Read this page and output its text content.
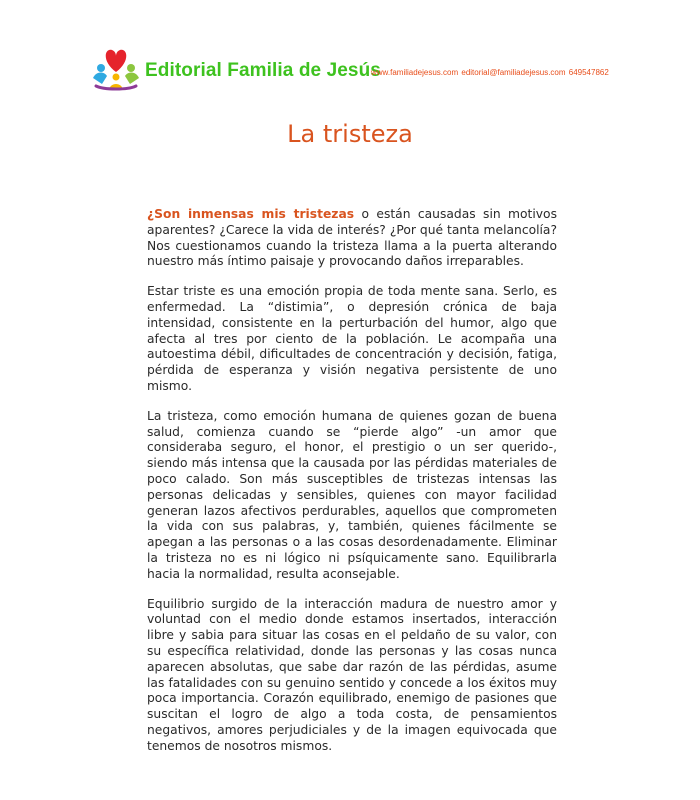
Editorial Familia de Jesús
www.familiadejesus.com editorial@familiadejesus.com 649547862
La tristeza

¿Son inmensas mis tristezas o están causadas sin motivos aparentes? ¿Carece la vida de interés? ¿Por qué tanta melancolía? Nos cuestionamos cuando la tristeza llama a la puerta alterando nuestro más íntimo paisaje y provocando daños irreparables.

Estar triste es una emoción propia de toda mente sana. Serlo, es enfermedad. La “distimia”, o depresión crónica de baja intensidad, consistente en la perturbación del humor, algo que afecta al tres por ciento de la población. Le acompaña una autoestima débil, dificultades de concentración y decisión, fatiga, pérdida de esperanza y visión negativa persistente de uno mismo.

La tristeza, como emoción humana de quienes gozan de buena salud, comienza cuando se “pierde algo” -un amor que consideraba seguro, el honor, el prestigio o un ser querido-, siendo más intensa que la causada por las pérdidas materiales de poco calado. Son más susceptibles de tristezas intensas las personas delicadas y sensibles, quienes con mayor facilidad generan lazos afectivos perdurables, aquellos que comprometen la vida con sus palabras, y, también, quienes fácilmente se apegan a las personas o a las cosas desordenadamente. Eliminar la tristeza no es ni lógico ni psíquicamente sano. Equilibrarla hacia la normalidad, resulta aconsejable.

Equilibrio surgido de la interacción madura de nuestro amor y voluntad con el medio donde estamos insertados, interacción libre y sabia para situar las cosas en el peldaño de su valor, con su específica relatividad, donde las personas y las cosas nunca aparecen absolutas, que sabe dar razón de las pérdidas, asume las fatalidades con su genuino sentido y concede a los éxitos muy poca importancia. Corazón equilibrado, enemigo de pasiones que suscitan el logro de algo a toda costa, de pensamientos negativos, amores perjudiciales y de la imagen equivocada que tenemos de nosotros mismos.
